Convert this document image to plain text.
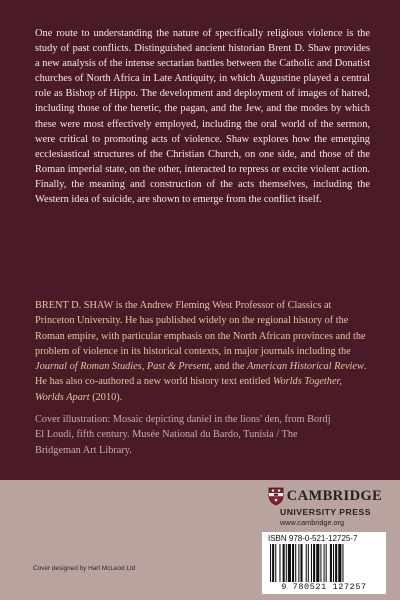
One route to understanding the nature of specifically religious violence is the study of past conflicts. Distinguished ancient historian Brent D. Shaw provides a new analysis of the intense sectarian battles between the Catholic and Donatist churches of North Africa in Late Antiquity, in which Augustine played a central role as Bishop of Hippo. The development and deployment of images of hatred, including those of the heretic, the pagan, and the Jew, and the modes by which these were most effectively employed, including the oral world of the sermon, were critical to promoting acts of violence. Shaw explores how the emerging ecclesiastical structures of the Christian Church, on one side, and those of the Roman imperial state, on the other, interacted to repress or excite violent action. Finally, the meaning and construction of the acts themselves, including the Western idea of suicide, are shown to emerge from the conflict itself.

BRENT D. SHAW is the Andrew Fleming West Professor of Classics at Princeton University. He has published widely on the regional history of the Roman empire, with particular emphasis on the North African provinces and the problem of violence in its historical contexts, in major journals including the Journal of Roman Studies, Past & Present, and the American Historical Review. He has also co-authored a new world history text entitled Worlds Together, Worlds Apart (2010).

Cover illustration: Mosaic depicting daniel in the lions' den, from Bordj El Loudi, fifth century. Musée National du Bardo, Tunisia / The Bridgeman Art Library.

CAMBRIDGE
UNIVERSITY PRESS
www.cambridge.org
ISBN 978-0-521-12725-7
9 780521 127257
Cover designed by Hart McLeod Ltd
